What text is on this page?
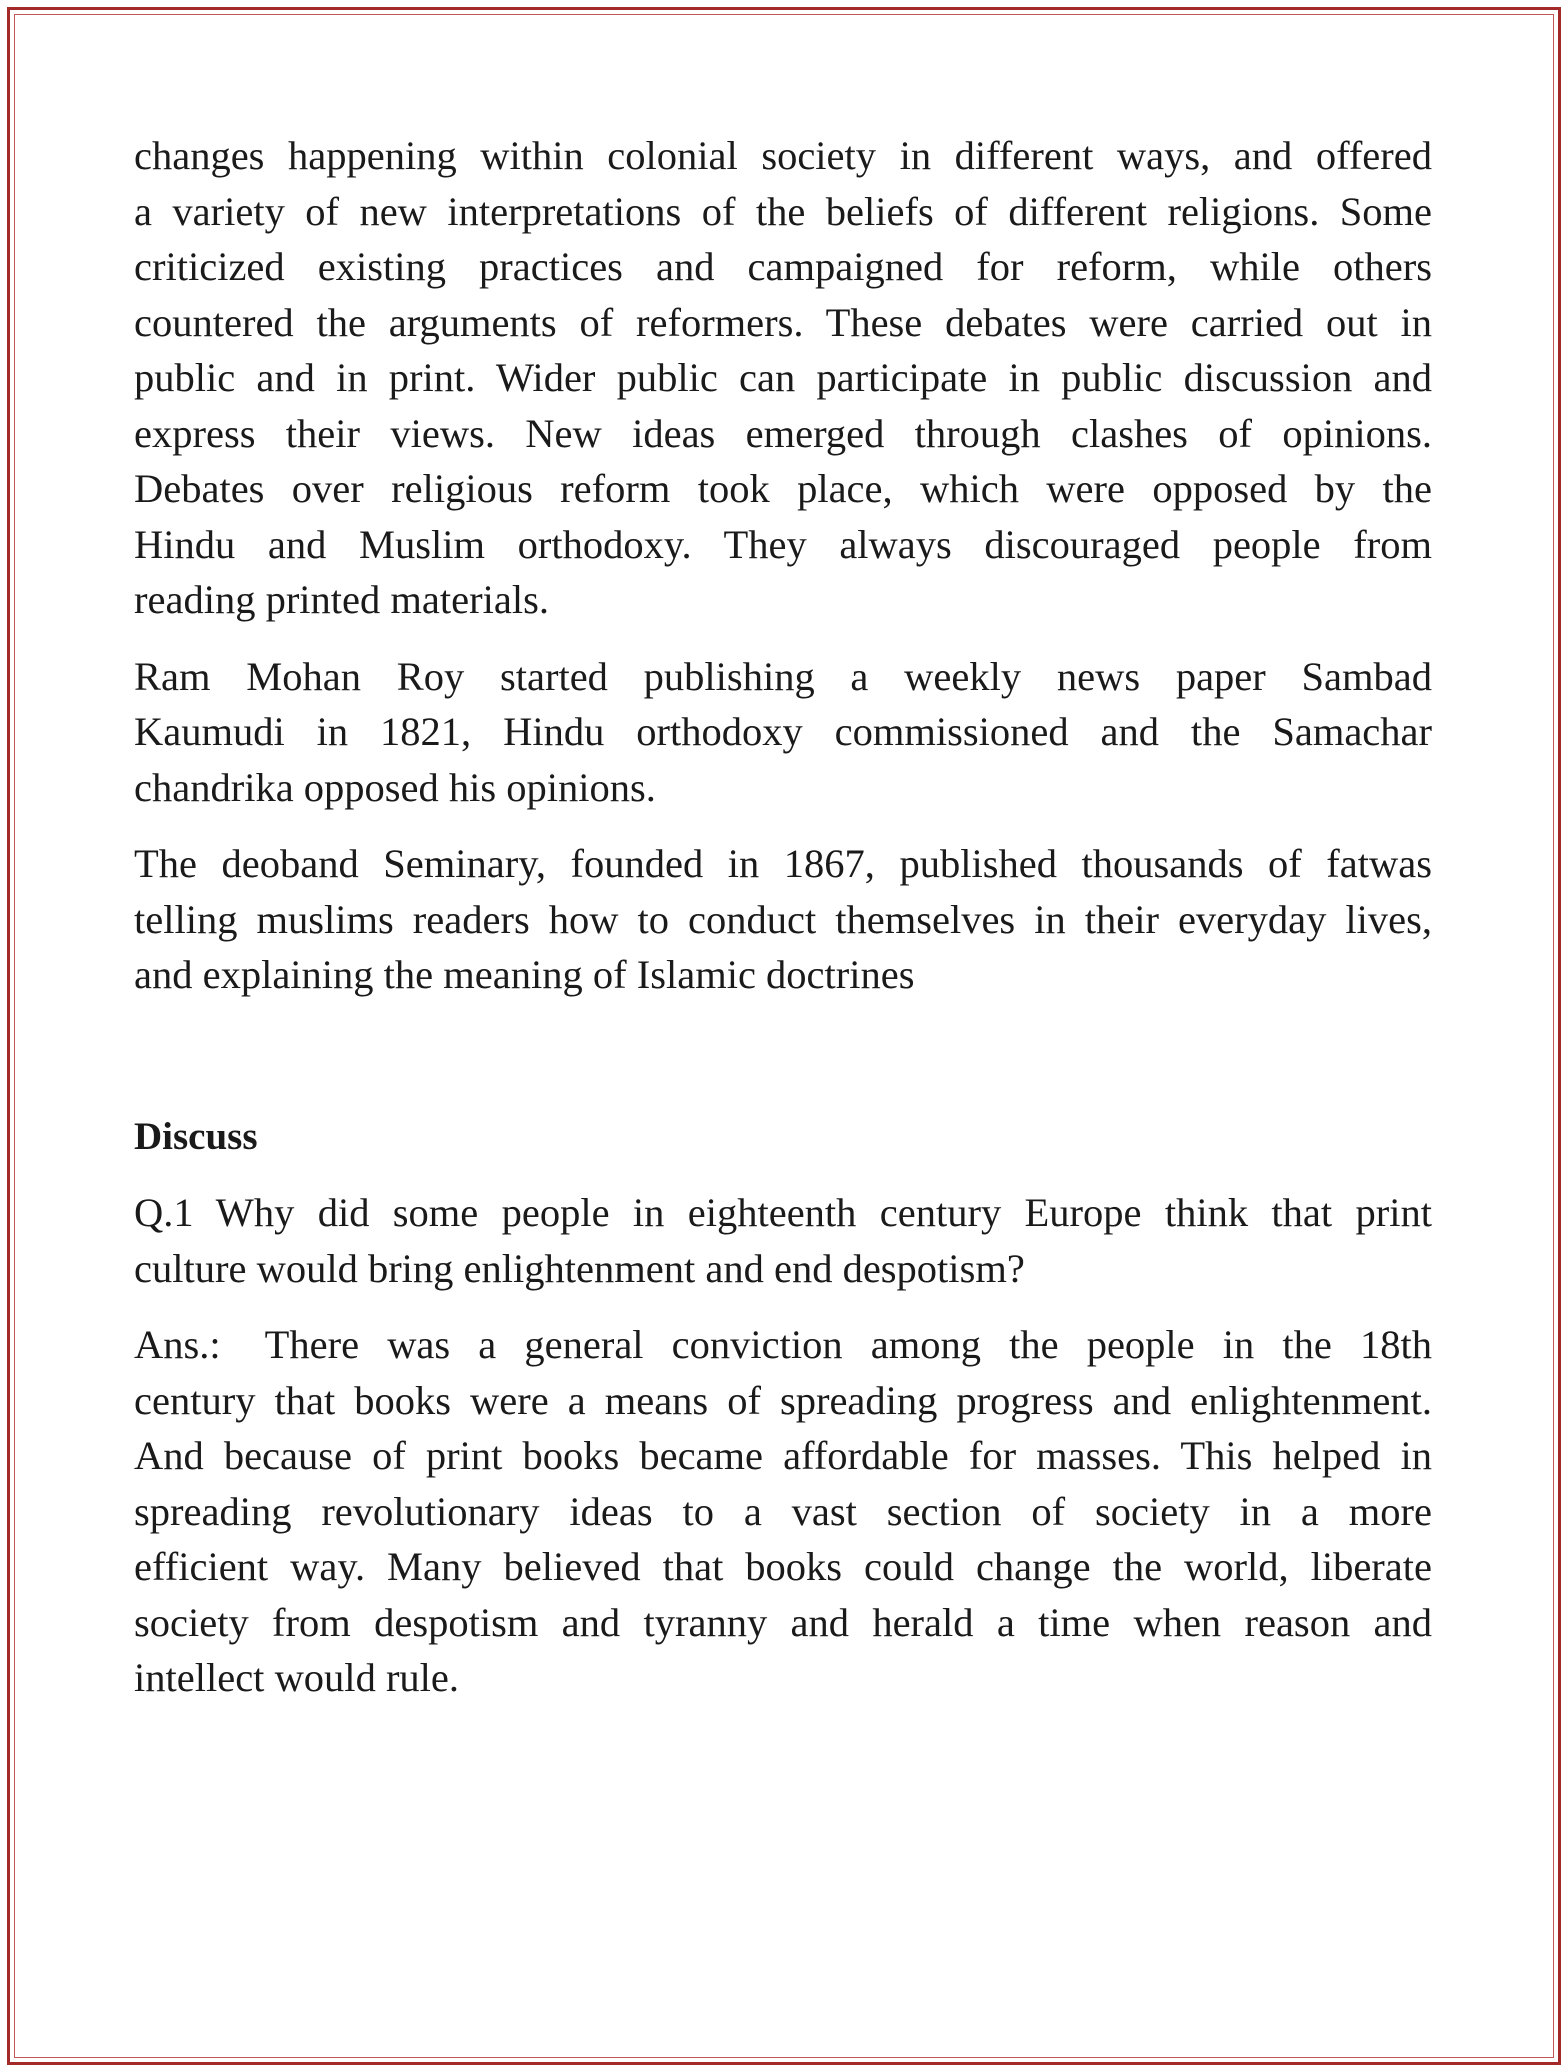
changes happening within colonial society in different ways, and offered
a variety of new interpretations of the beliefs of different religions. Some
criticized existing practices and campaigned for reform, while others
countered the arguments of reformers. These debates were carried out in
public and in print. Wider public can participate in public discussion and
express their views. New ideas emerged through clashes of opinions.
Debates over religious reform took place, which were opposed by the
Hindu and Muslim orthodoxy. They always discouraged people from
reading printed materials.

Ram Mohan Roy started publishing a weekly news paper Sambad
Kaumudi in 1821, Hindu orthodoxy commissioned and the Samachar
chandrika opposed his opinions.

The deoband Seminary, founded in 1867, published thousands of fatwas
telling muslims readers how to conduct themselves in their everyday lives,
and explaining the meaning of Islamic doctrines

Discuss

Q.1 Why did some people in eighteenth century Europe think that print
culture would bring enlightenment and end despotism?

Ans.: There was a general conviction among the people in the 18th
century that books were a means of spreading progress and enlightenment.
And because of print books became affordable for masses. This helped in
spreading revolutionary ideas to a vast section of society in a more
efficient way. Many believed that books could change the world, liberate
society from despotism and tyranny and herald a time when reason and
intellect would rule.
